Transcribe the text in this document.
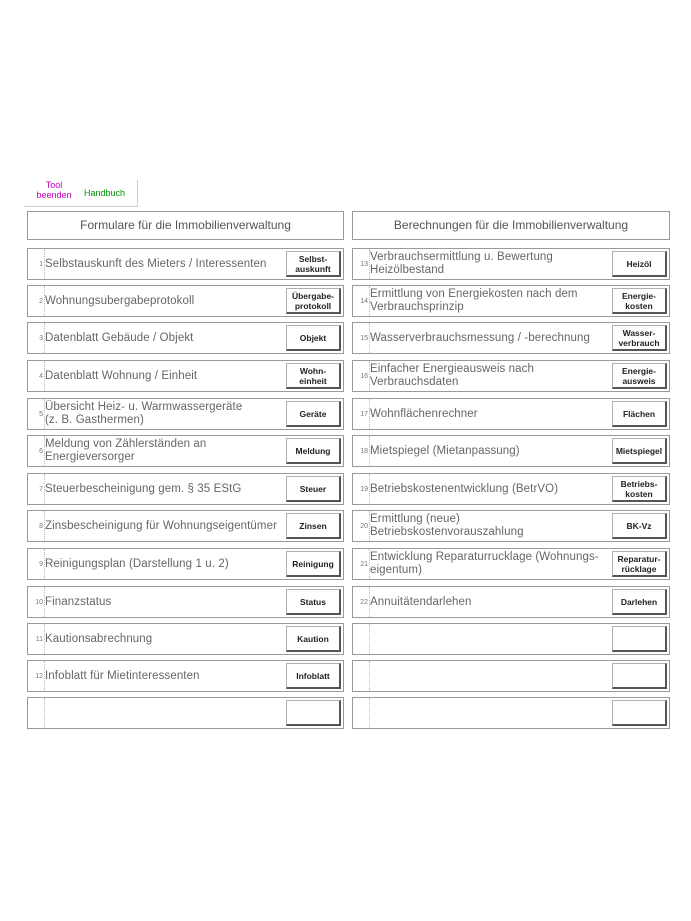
Tool beenden	Handbuch
Formulare für die Immobilienverwaltung	Berechnungen für die Immobilienverwaltung
1 Selbstauskunft des Mieters / Interessenten	Selbst-
auskunft
2 Wohnungsubergabeprotokoll	Übergabe-
protokoll
3 Datenblatt Gebäude / Objekt	Objekt
4 Datenblatt Wohnung / Einheit	Wohn-
einheit
5
Übersicht Heiz- u. Warmwassergeräte
(z. B. Gasthermen)
Geräte
6
Meldung von Zählerständen an
Energieversorger
Meldung
7 Steuerbescheinigung gem. § 35 EStG	Steuer
8 Zinsbescheinigung für Wohnungseigentümer	Zinsen
9 Reinigungsplan (Darstellung 1 u. 2)	Reinigung
10 Finanzstatus	Status
11 Kautionsabrechnung	Kaution
12 Infoblatt für Mietinteressenten	Infoblatt
13
Verbrauchsermittlung u. Bewertung
Heizölbestand
Heizöl
14
Ermittlung von Energiekosten nach dem
Verbrauchsprinzip
Energie-
kosten
15 Wasserverbrauchsmessung / -berechnung	Wasser-
verbrauch
16
Einfacher Energieausweis nach
Verbrauchsdaten
Energie-
ausweis
17 Wohnflächenrechner	Flächen
18 Mietspiegel (Mietanpassung)	Mietspiegel
19 Betriebskostenentwicklung (BetrVO)	Betriebs-
kosten
20
Ermittlung (neue) Betriebskostenvorauszahlung
BK-Vz
21
Entwicklung Reparaturrucklage (Wohnungs-
eigentum)
Reparatur-
rücklage
22 Annuitätendarlehen	Darlehen
